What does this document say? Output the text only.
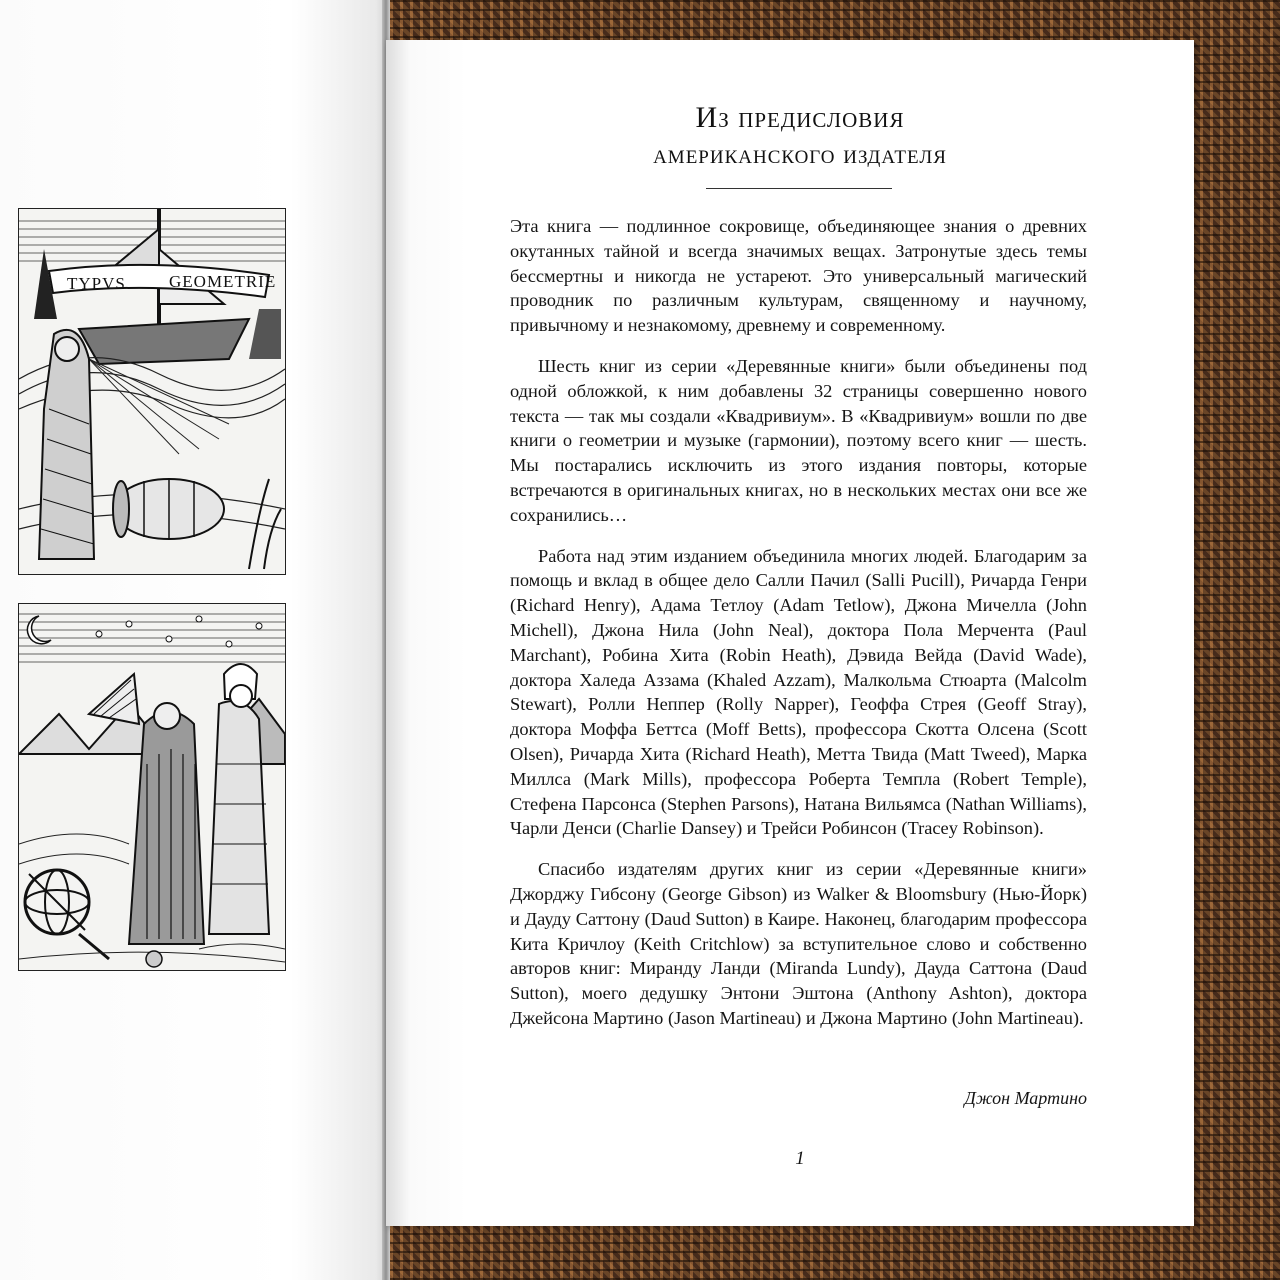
TYPVS	GEOMETRIE
Из предисловия
американского издателя

Эта книга — подлинное сокровище, объединяющее знания о древних окутанных тайной и всегда значимых вещах. Затронутые здесь темы бессмертны и никогда не устареют. Это универсальный магический проводник по различным культурам, священному и научному, привычному и незнакомому, древнему и современному.

Шесть книг из серии «Деревянные книги» были объединены под одной обложкой, к ним добавлены 32 страницы совершенно нового текста — так мы создали «Квадривиум». В «Квадривиум» вошли по две книги о геометрии и музыке (гармонии), поэтому всего книг — шесть. Мы постарались исключить из этого издания повторы, которые встречаются в оригинальных книгах, но в нескольких местах они все же сохранились…

Работа над этим изданием объединила многих людей. Благодарим за помощь и вклад в общее дело Салли Пачил (Salli Pucill), Ричарда Генри (Richard Henry), Адама Тетлоу (Adam Tetlow), Джона Мичелла (John Michell), Джона Нила (John Neal), доктора Пола Мерчента (Paul Marchant), Робина Хита (Robin Heath), Дэвида Вейда (David Wade), доктора Халеда Аззама (Khaled Azzam), Малкольма Стюарта (Malcolm Stewart), Ролли Неппер (Rolly Napper), Геоффа Стрея (Geoff Stray), доктора Моффа Беттса (Moff Betts), профессора Скотта Олсена (Scott Olsen), Ричарда Хита (Richard Heath), Метта Твида (Matt Tweed), Марка Миллса (Mark Mills), профессора Роберта Темпла (Robert Temple), Стефена Парсонса (Stephen Parsons), Натана Вильямса (Nathan Williams), Чарли Денси (Charlie Dansey) и Трейси Робинсон (Tracey Robinson).

Спасибо издателям других книг из серии «Деревянные книги» Джорджу Гибсону (George Gibson) из Walker & Bloomsbury (Нью-Йорк) и Дауду Саттону (Daud Sutton) в Каире. Наконец, благодарим профессора Кита Кричлоу (Keith Critchlow) за вступительное слово и собственно авторов книг: Миранду Ланди (Miranda Lundy), Дауда Саттона (Daud Sutton), моего дедушку Энтони Эштона (Anthony Ashton), доктора Джейсона Мартино (Jason Martineau) и Джона Мартино (John Martineau).

Джон Мартино
1
